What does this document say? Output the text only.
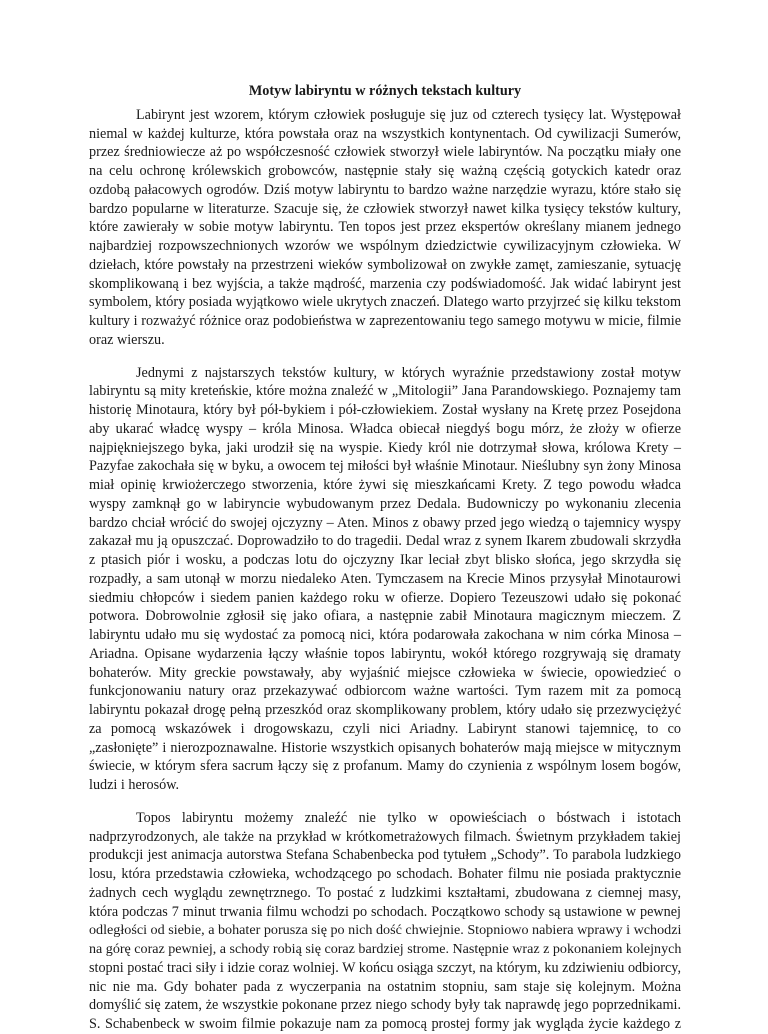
Motyw labiryntu w różnych tekstach kultury
Labirynt jest wzorem, którym człowiek posługuje się juz od czterech tysięcy lat. Występował
niemal w każdej kulturze, która powstała oraz na wszystkich kontynentach. Od cywilizacji Sumerów,
przez średniowiecze aż po współczesność człowiek stworzył wiele labiryntów. Na początku miały one
na celu ochronę królewskich grobowców, następnie stały się ważną częścią gotyckich katedr oraz
ozdobą pałacowych ogrodów. Dziś motyw labiryntu to bardzo ważne narzędzie wyrazu, które stało się
bardzo popularne w literaturze. Szacuje się, że człowiek stworzył nawet kilka tysięcy tekstów kultury,
które zawierały w sobie motyw labiryntu. Ten topos jest przez ekspertów określany mianem jednego
najbardziej rozpowszechnionych wzorów we wspólnym dziedzictwie cywilizacyjnym człowieka. W
dziełach, które powstały na przestrzeni wieków symbolizował on zwykłe zamęt, zamieszanie, sytuację
skomplikowaną i bez wyjścia, a także mądrość, marzenia czy podświadomość. Jak widać labirynt jest
symbolem, który posiada wyjątkowo wiele ukrytych znaczeń. Dlatego warto przyjrzeć się kilku tekstom
kultury i rozważyć różnice oraz podobieństwa w zaprezentowaniu tego samego motywu w micie, filmie
oraz wierszu.
Jednymi z najstarszych tekstów kultury, w których wyraźnie przedstawiony został motyw
labiryntu są mity kreteńskie, które można znaleźć w „Mitologii” Jana Parandowskiego. Poznajemy tam
historię Minotaura, który był pół-bykiem i pół-człowiekiem. Został wysłany na Kretę przez Posejdona
aby ukarać władcę wyspy – króla Minosa. Władca obiecał niegdyś bogu mórz, że złoży w ofierze
najpiękniejszego byka, jaki urodził się na wyspie. Kiedy król nie dotrzymał słowa, królowa Krety –
Pazyfae zakochała się w byku, a owocem tej miłości był właśnie Minotaur. Nieślubny syn żony Minosa
miał opinię krwiożerczego stworzenia, które żywi się mieszkańcami Krety. Z tego powodu władca
wyspy zamknął go w labiryncie wybudowanym przez Dedala. Budowniczy po wykonaniu zlecenia
bardzo chciał wrócić do swojej ojczyzny – Aten. Minos z obawy przed jego wiedzą o tajemnicy wyspy
zakazał mu ją opuszczać. Doprowadziło to do tragedii. Dedal wraz z synem Ikarem zbudowali skrzydła
z ptasich piór i wosku, a podczas lotu do ojczyzny Ikar leciał zbyt blisko słońca, jego skrzydła się
rozpadły, a sam utonął w morzu niedaleko Aten. Tymczasem na Krecie Minos przysyłał Minotaurowi
siedmiu chłopców i siedem panien każdego roku w ofierze. Dopiero Tezeuszowi udało się pokonać
potwora. Dobrowolnie zgłosił się jako ofiara, a następnie zabił Minotaura magicznym mieczem. Z
labiryntu udało mu się wydostać za pomocą nici, która podarowała zakochana w nim córka Minosa –
Ariadna. Opisane wydarzenia łączy właśnie topos labiryntu, wokół którego rozgrywają się dramaty
bohaterów. Mity greckie powstawały, aby wyjaśnić miejsce człowieka w świecie, opowiedzieć o
funkcjonowaniu natury oraz przekazywać odbiorcom ważne wartości. Tym razem mit za pomocą
labiryntu pokazał drogę pełną przeszkód oraz skomplikowany problem, który udało się przezwyciężyć
za pomocą wskazówek i drogowskazu, czyli nici Ariadny. Labirynt stanowi tajemnicę, to co
„zasłonięte” i nierozpoznawalne. Historie wszystkich opisanych bohaterów mają miejsce w mitycznym
świecie, w którym sfera sacrum łączy się z profanum. Mamy do czynienia z wspólnym losem bogów,
ludzi i herosów.
Topos labiryntu możemy znaleźć nie tylko w opowieściach o bóstwach i istotach
nadprzyrodzonych, ale także na przykład w krótkometrażowych filmach. Świetnym przykładem takiej
produkcji jest animacja autorstwa Stefana Schabenbecka pod tytułem „Schody”. To parabola ludzkiego
losu, która przedstawia człowieka, wchodzącego po schodach. Bohater filmu nie posiada praktycznie
żadnych cech wyglądu zewnętrznego. To postać z ludzkimi kształtami, zbudowana z ciemnej masy,
która podczas 7 minut trwania filmu wchodzi po schodach. Początkowo schody są ustawione w pewnej
odległości od siebie, a bohater porusza się po nich dość chwiejnie. Stopniowo nabiera wprawy i wchodzi
na górę coraz pewniej, a schody robią się coraz bardziej strome. Następnie wraz z pokonaniem kolejnych
stopni postać traci siły i idzie coraz wolniej. W końcu osiąga szczyt, na którym, ku zdziwieniu odbiorcy,
nic nie ma. Gdy bohater pada z wyczerpania na ostatnim stopniu, sam staje się kolejnym. Można
domyślić się zatem, że wszystkie pokonane przez niego schody były tak naprawdę jego poprzednikami.
S. Schabenbeck w swoim filmie pokazuje nam za pomocą prostej formy jak wygląda życie każdego z
